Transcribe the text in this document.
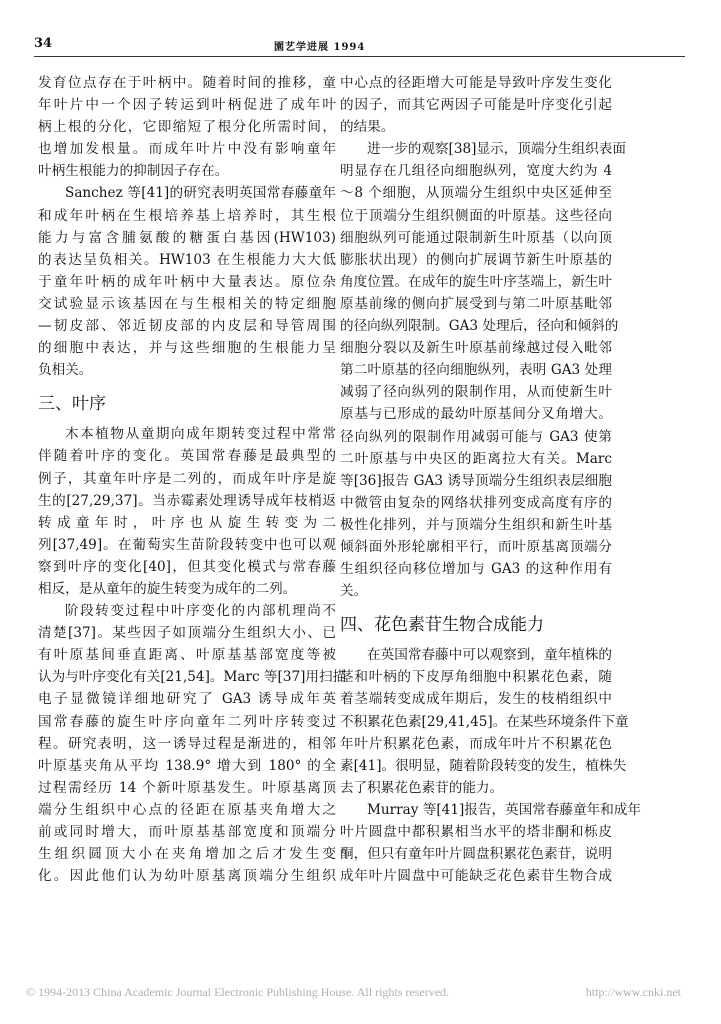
34	園艺学进展 1994
发育位点存在于叶柄中。随着时间的推移，童
年叶片中一个因子转运到叶柄促进了成年叶
柄上根的分化，它即缩短了根分化所需时间，
也增加发根量。而成年叶片中没有影响童年
叶柄生根能力的抑制因子存在。
Sanchez 等[41]的研究表明英国常春藤童年
和成年叶柄在生根培养基上培养时，其生根
能力与富含脯氨酸的糖蛋白基因(HW103)
的表达呈负相关。HW103 在生根能力大大低
于童年叶柄的成年叶柄中大量表达。原位杂
交试验显示该基因在与生根相关的特定细胞
—韧皮部、邻近韧皮部的内皮层和导管周围
的细胞中表达，并与这些细胞的生根能力呈
负相关。
三、叶序
木本植物从童期向成年期转变过程中常常
伴随着叶序的变化。英国常春藤是最典型的
例子，其童年叶序是二列的，而成年叶序是旋
生的[27,29,37]。当赤霉素处理诱导成年枝梢返
转成童年时，叶序也从旋生转变为二
列[37,49]。在葡萄实生苗阶段转变中也可以观
察到叶序的变化[40]，但其变化模式与常春藤
相反，是从童年的旋生转变为成年的二列。
阶段转变过程中叶序变化的内部机理尚不
清楚[37]。某些因子如顶端分生组织大小、已
有叶原基间垂直距离、叶原基基部宽度等被
认为与叶序变化有关[21,54]。Marc 等[37]用扫描
电子显微镜详细地研究了 GA3 诱导成年英
国常春藤的旋生叶序向童年二列叶序转变过
程。研究表明，这一诱导过程是渐进的，相邻
叶原基夹角从平均 138.9° 增大到 180° 的全
过程需经历 14 个新叶原基发生。叶原基离顶
端分生组织中心点的径距在原基夹角增大之
前或同时增大，而叶原基基部宽度和顶端分
生组织圆顶大小在夹角增加之后才发生变
化。因此他们认为幼叶原基离顶端分生组织
中心点的径距增大可能是导致叶序发生变化
的因子，而其它两因子可能是叶序变化引起
的结果。
进一步的观察[38]显示，顶端分生组织表面
明显存在几组径向细胞纵列，宽度大约为 4
～8 个细胞，从顶端分生组织中央区延伸至
位于顶端分生组织侧面的叶原基。这些径向
细胞纵列可能通过限制新生叶原基（以向顶
膨胀状出现）的侧向扩展调节新生叶原基的
角度位置。在成年的旋生叶序茎端上，新生叶
原基前缘的侧向扩展受到与第二叶原基毗邻
的径向纵列限制。GA3 处理后，径向和倾斜的
细胞分裂以及新生叶原基前缘越过侵入毗邻
第二叶原基的径向细胞纵列，表明 GA3 处理
减弱了径向纵列的限制作用，从而使新生叶
原基与已形成的最幼叶原基间分叉角增大。
径向纵列的限制作用减弱可能与 GA3 使第
二叶原基与中央区的距离拉大有关。Marc
等[36]报告 GA3 诱导顶端分生组织表层细胞
中微管由复杂的网络状排列变成高度有序的
极性化排列，并与顶端分生组织和新生叶基
倾斜面外形轮廓相平行，而叶原基离顶端分
生组织径向移位增加与 GA3 的这种作用有
关。
四、花色素苷生物合成能力
在英国常春藤中可以观察到，童年植株的
茎和叶柄的下皮厚角细胞中积累花色素，随
着茎端转变成成年期后，发生的枝梢组织中
不积累花色素[29,41,45]。在某些环境条件下童
年叶片积累花色素，而成年叶片不积累花色
素[41]。很明显，随着阶段转变的发生，植株失
去了积累花色素苷的能力。
Murray 等[41]报告，英国常春藤童年和成年
叶片圆盘中都积累相当水平的塔非酮和栎皮
酮，但只有童年叶片圆盘积累花色素苷，说明
成年叶片圆盘中可能缺乏花色素苷生物合成
© 1994-2013 China Academic Journal Electronic Publishing House. All rights reserved.	http://www.cnki.net
